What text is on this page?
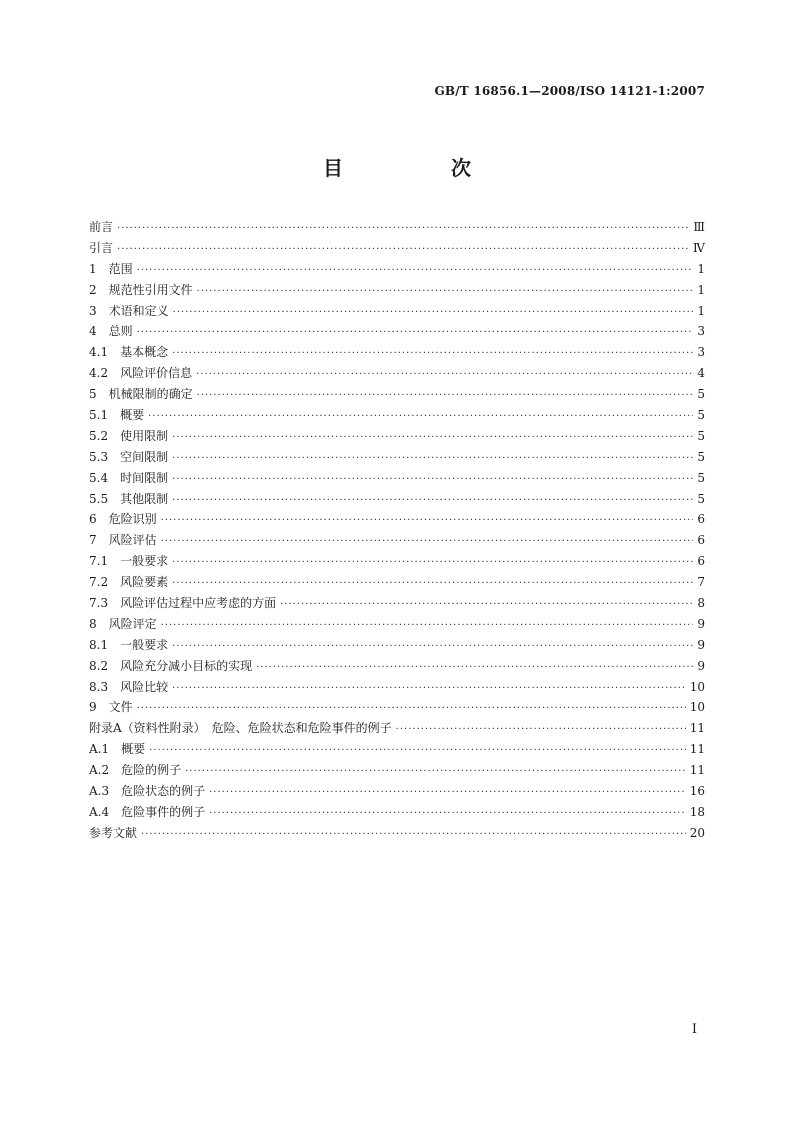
GB/T 16856.1—2008/ISO 14121-1:2007
目　次
前言 ·····	Ⅲ
引言 ·····	Ⅳ
1　范围 ·····	1
2　规范性引用文件 ·····	1
3　术语和定义 ·····	1
4　总则 ·····	3
4.1　基本概念 ·····	3
4.2　风险评价信息 ·····	4
5　机械限制的确定 ·····	5
5.1　概要 ·····	5
5.2　使用限制 ·····	5
5.3　空间限制 ·····	5
5.4　时间限制 ·····	5
5.5　其他限制 ·····	5
6　危险识别 ·····	6
7　风险评估 ·····	6
7.1　一般要求 ·····	6
7.2　风险要素 ·····	7
7.3　风险评估过程中应考虑的方面 ·····	8
8　风险评定 ·····	9
8.1　一般要求 ·····	9
8.2　风险充分减小目标的实现 ·····	9
8.3　风险比较 ·····	10
9　文件 ·····	10
附录A（资料性附录）　危险、危险状态和危险事件的例子 ·····	11
A.1　概要 ·····	11
A.2　危险的例子 ·····	11
A.3　危险状态的例子 ·····	16
A.4　危险事件的例子 ·····	18
参考文献 ·····	20
I
